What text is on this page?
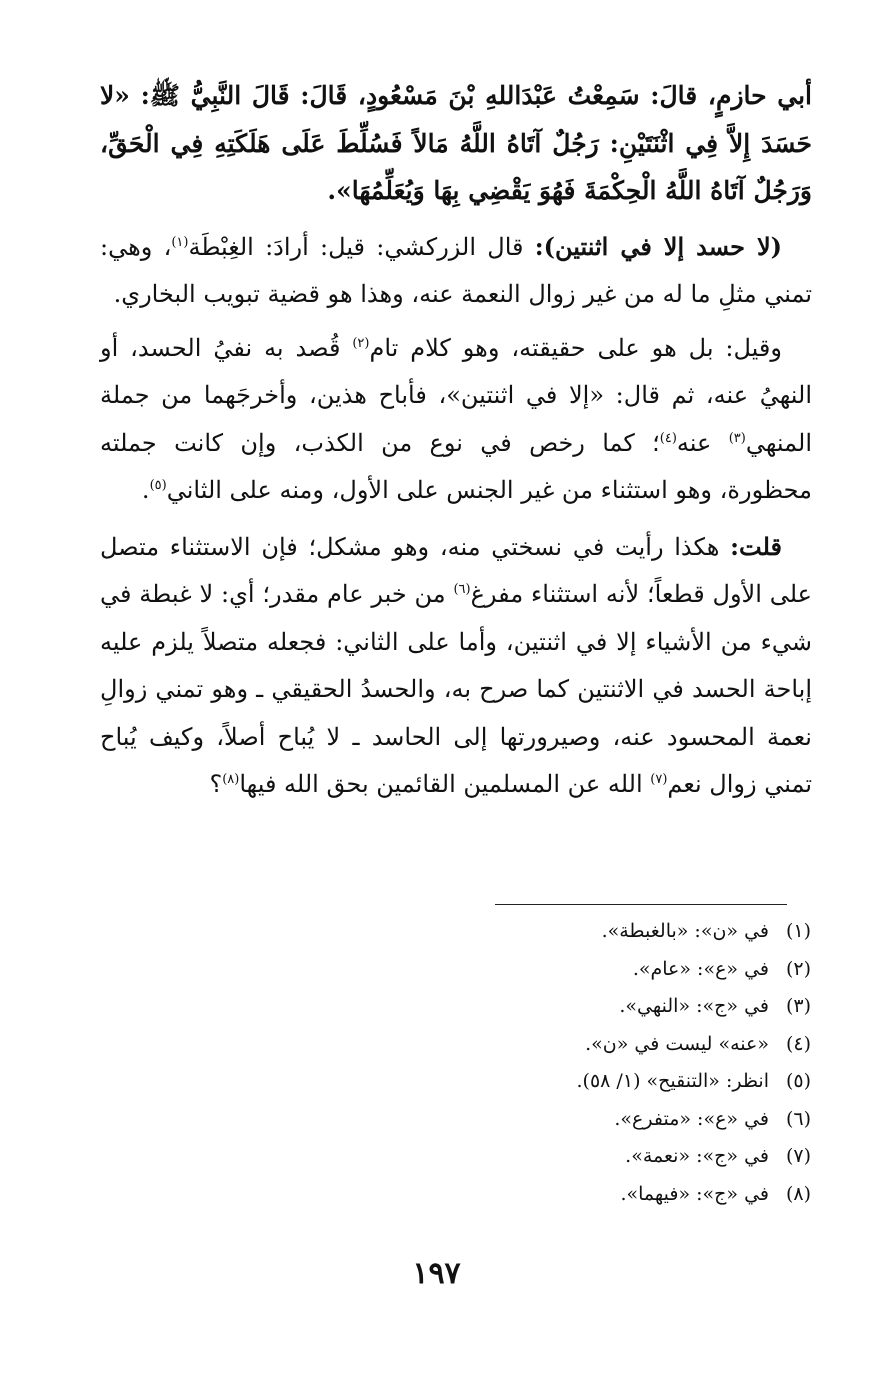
أبي حازمٍ، قالَ: سَمِعْتُ عَبْدَاللهِ بْنَ مَسْعُودٍ، قَالَ: قَالَ النَّبِيُّ ﷺ: «لا حَسَدَ إِلاَّ فِي اثْنَتَيْنِ: رَجُلٌ آتَاهُ اللَّهُ مَالاً فَسُلِّطَ عَلَى هَلَكَتِهِ فِي الْحَقِّ، وَرَجُلٌ آتَاهُ اللَّهُ الْحِكْمَةَ فَهُوَ يَقْضِي بِهَا وَيُعَلِّمُهَا».

(لا حسد إلا في اثنتين): قال الزركشي: قيل: أرادَ: الغِبْطَة$^{(١)}$، وهي: تمني مثلِ ما له من غير زوال النعمة عنه، وهذا هو قضية تبويب البخاري.

وقيل: بل هو على حقيقته، وهو كلام تام$^{(٢)}$ قُصد به نفيُ الحسد، أو النهيُ عنه، ثم قال: «إلا في اثنتين»، فأباح هذين، وأخرجَهما من جملة المنهي$^{(٣)}$ عنه$^{(٤)}$؛ كما رخص في نوع من الكذب، وإن كانت جملته محظورة، وهو استثناء من غير الجنس على الأول، ومنه على الثاني$^{(٥)}$.

قلت: هكذا رأيت في نسختي منه، وهو مشكل؛ فإن الاستثناء متصل على الأول قطعاً؛ لأنه استثناء مفرغ$^{(٦)}$ من خبر عام مقدر؛ أي: لا غبطة في شيء من الأشياء إلا في اثنتين، وأما على الثاني: فجعله متصلاً يلزم عليه إباحة الحسد في الاثنتين كما صرح به، والحسدُ الحقيقي ـ وهو تمني زوالِ نعمة المحسود عنه، وصيرورتها إلى الحاسد ـ لا يُباح أصلاً، وكيف يُباح تمني زوال نعم$^{(٧)}$ الله عن المسلمين القائمين بحق الله فيها$^{(٨)}$؟

(١)في «ن»: «بالغبطة».
(٢)في «ع»: «عام».
(٣)في «ج»: «النهي».
(٤)«عنه» ليست في «ن».
(٥)انظر: «التنقيح» (١/ ٥٨).
(٦)في «ع»: «متفرع».
(٧)في «ج»: «نعمة».
(٨)في «ج»: «فيهما».
١٩٧
